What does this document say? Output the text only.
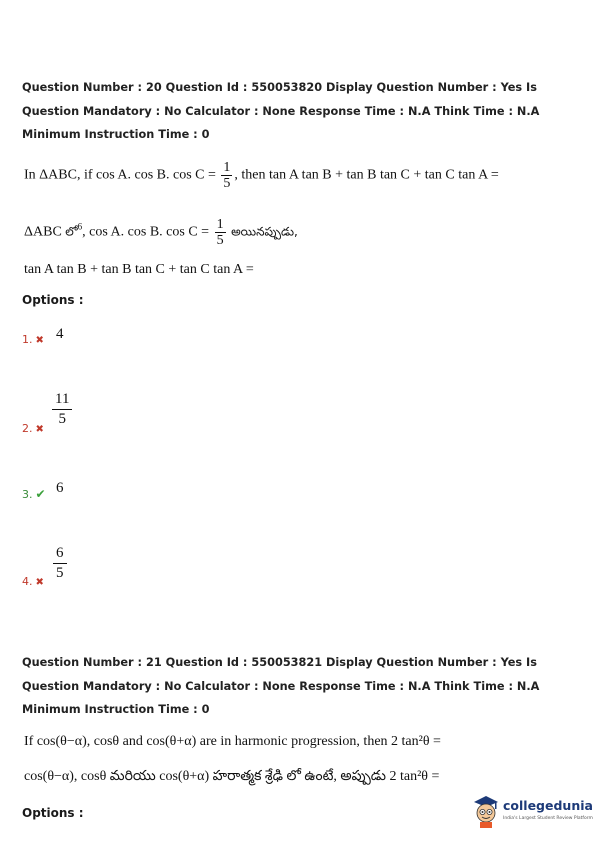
Question Number : 20 Question Id : 550053820 Display Question Number : Yes Is Question Mandatory : No Calculator : None Response Time : N.A Think Time : N.A Minimum Instruction Time : 0
In ΔABC, if cos A. cos B. $\cos C = \frac{1}{5}$ , then tan A tan B + tan B tan C + tan C tan A =
ΔABC లో$^6$, cos A. cos B. $\cos C = \frac{1}{5}$ అయినప్పుడు,
tan A tan B + tan B tan C + tan C tan A =
Options :
1. ✖ 4
2. ✖
$\frac{11}{5}$
3. ✔ 6
4. ✖ $\frac{6}{5}$
Question Number : 21 Question Id : 550053821 Display Question Number : Yes Is Question Mandatory : No Calculator : None Response Time : N.A Think Time : N.A Minimum Instruction Time : 0
If cos(θ−α), cosθ and cos(θ+α) are in harmonic progression, then 2 tan²θ =
cos(θ−α), cosθ మరియు cos(θ+α) హరాత్మక శ్రేఢి లో ఉంటే, అప్పుడు 2 tan²θ =
Options :	collegedunia
India's Largest Student Review Platform
